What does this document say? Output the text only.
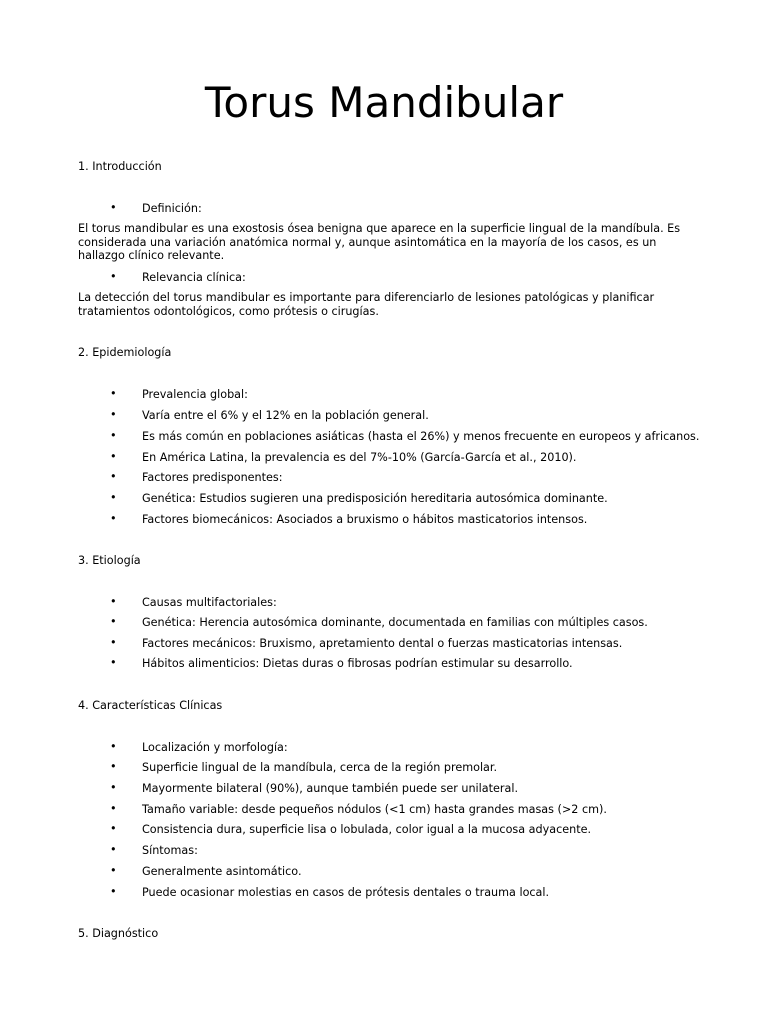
Torus Mandibular
1. Introducción
• Definición:

El torus mandibular es una exostosis ósea benigna que aparece en la superficie lingual de la mandíbula. Es considerada una variación anatómica normal y, aunque asintomática en la mayoría de los casos, es un hallazgo clínico relevante.

• Relevancia clínica:

La detección del torus mandibular es importante para diferenciarlo de lesiones patológicas y planificar tratamientos odontológicos, como prótesis o cirugías.

2. Epidemiología
• Prevalencia global:
• Varía entre el 6% y el 12% en la población general.
• Es más común en poblaciones asiáticas (hasta el 26%) y menos frecuente en europeos y africanos.
• En América Latina, la prevalencia es del 7%-10% (García-García et al., 2010).
• Factores predisponentes:
• Genética: Estudios sugieren una predisposición hereditaria autosómica dominante.
• Factores biomecánicos: Asociados a bruxismo o hábitos masticatorios intensos.
3. Etiología
• Causas multifactoriales:
• Genética: Herencia autosómica dominante, documentada en familias con múltiples casos.
• Factores mecánicos: Bruxismo, apretamiento dental o fuerzas masticatorias intensas.
• Hábitos alimenticios: Dietas duras o fibrosas podrían estimular su desarrollo.
4. Características Clínicas
• Localización y morfología:
• Superficie lingual de la mandíbula, cerca de la región premolar.
• Mayormente bilateral (90%), aunque también puede ser unilateral.
• Tamaño variable: desde pequeños nódulos (<1 cm) hasta grandes masas (>2 cm).
• Consistencia dura, superficie lisa o lobulada, color igual a la mucosa adyacente.
• Síntomas:
• Generalmente asintomático.
• Puede ocasionar molestias en casos de prótesis dentales o trauma local.
5. Diagnóstico
